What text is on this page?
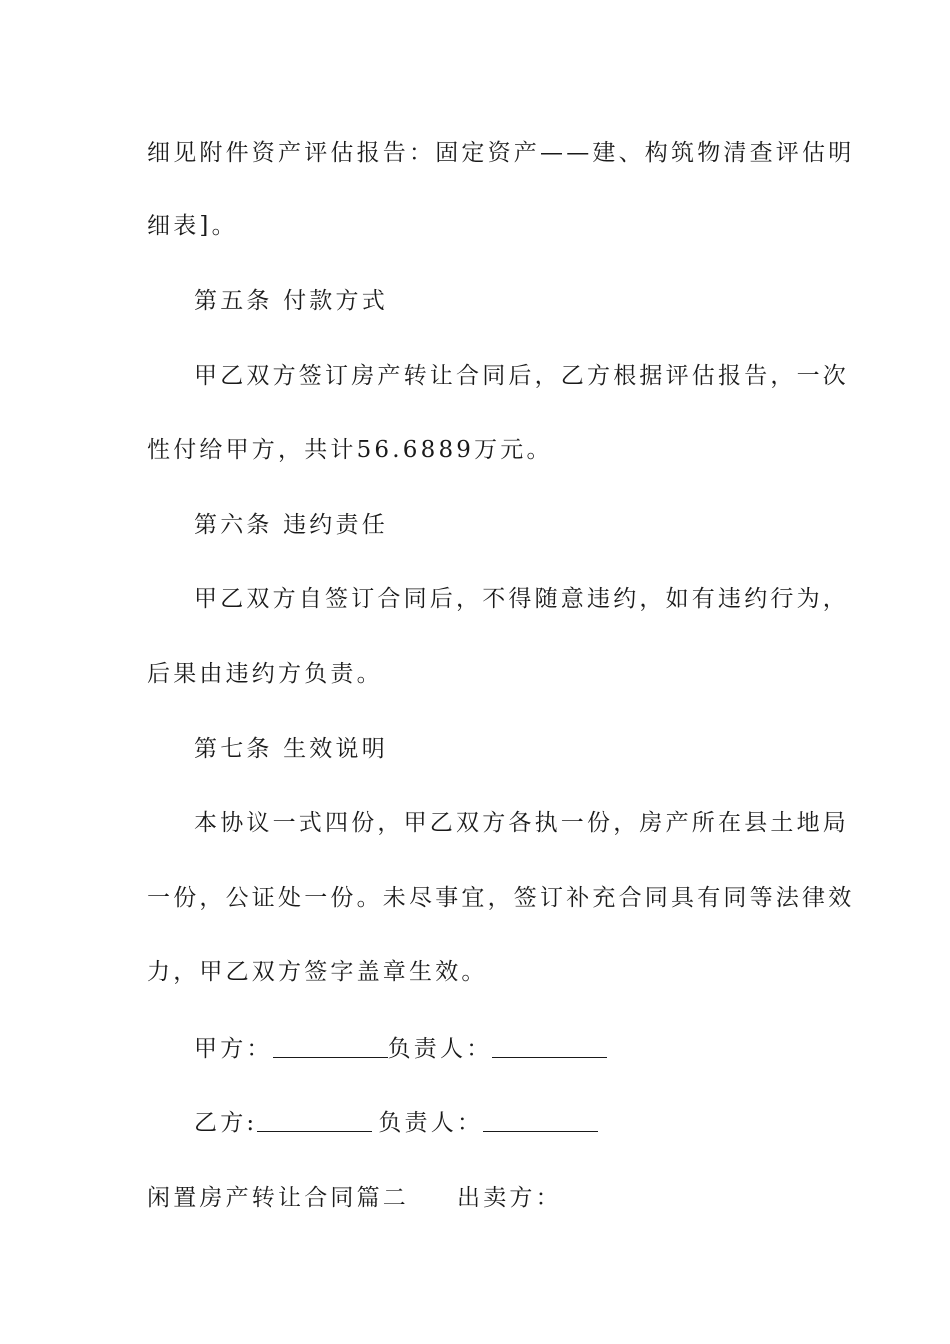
细见附件资产评估报告：固定资产——建、构筑物清查评估明
细表]。
第五条 付款方式
甲乙双方签订房产转让合同后，乙方根据评估报告，一次
性付给甲方，共计56.6889万元。
第六条 违约责任
甲乙双方自签订合同后，不得随意违约，如有违约行为，
后果由违约方负责。
第七条 生效说明
本协议一式四份，甲乙双方各执一份，房产所在县土地局
一份，公证处一份。未尽事宜，签订补充合同具有同等法律效
力，甲乙双方签字盖章生效。
甲方：	负责人：
乙方:	负责人：
闲置房产转让合同篇二 出卖方：
